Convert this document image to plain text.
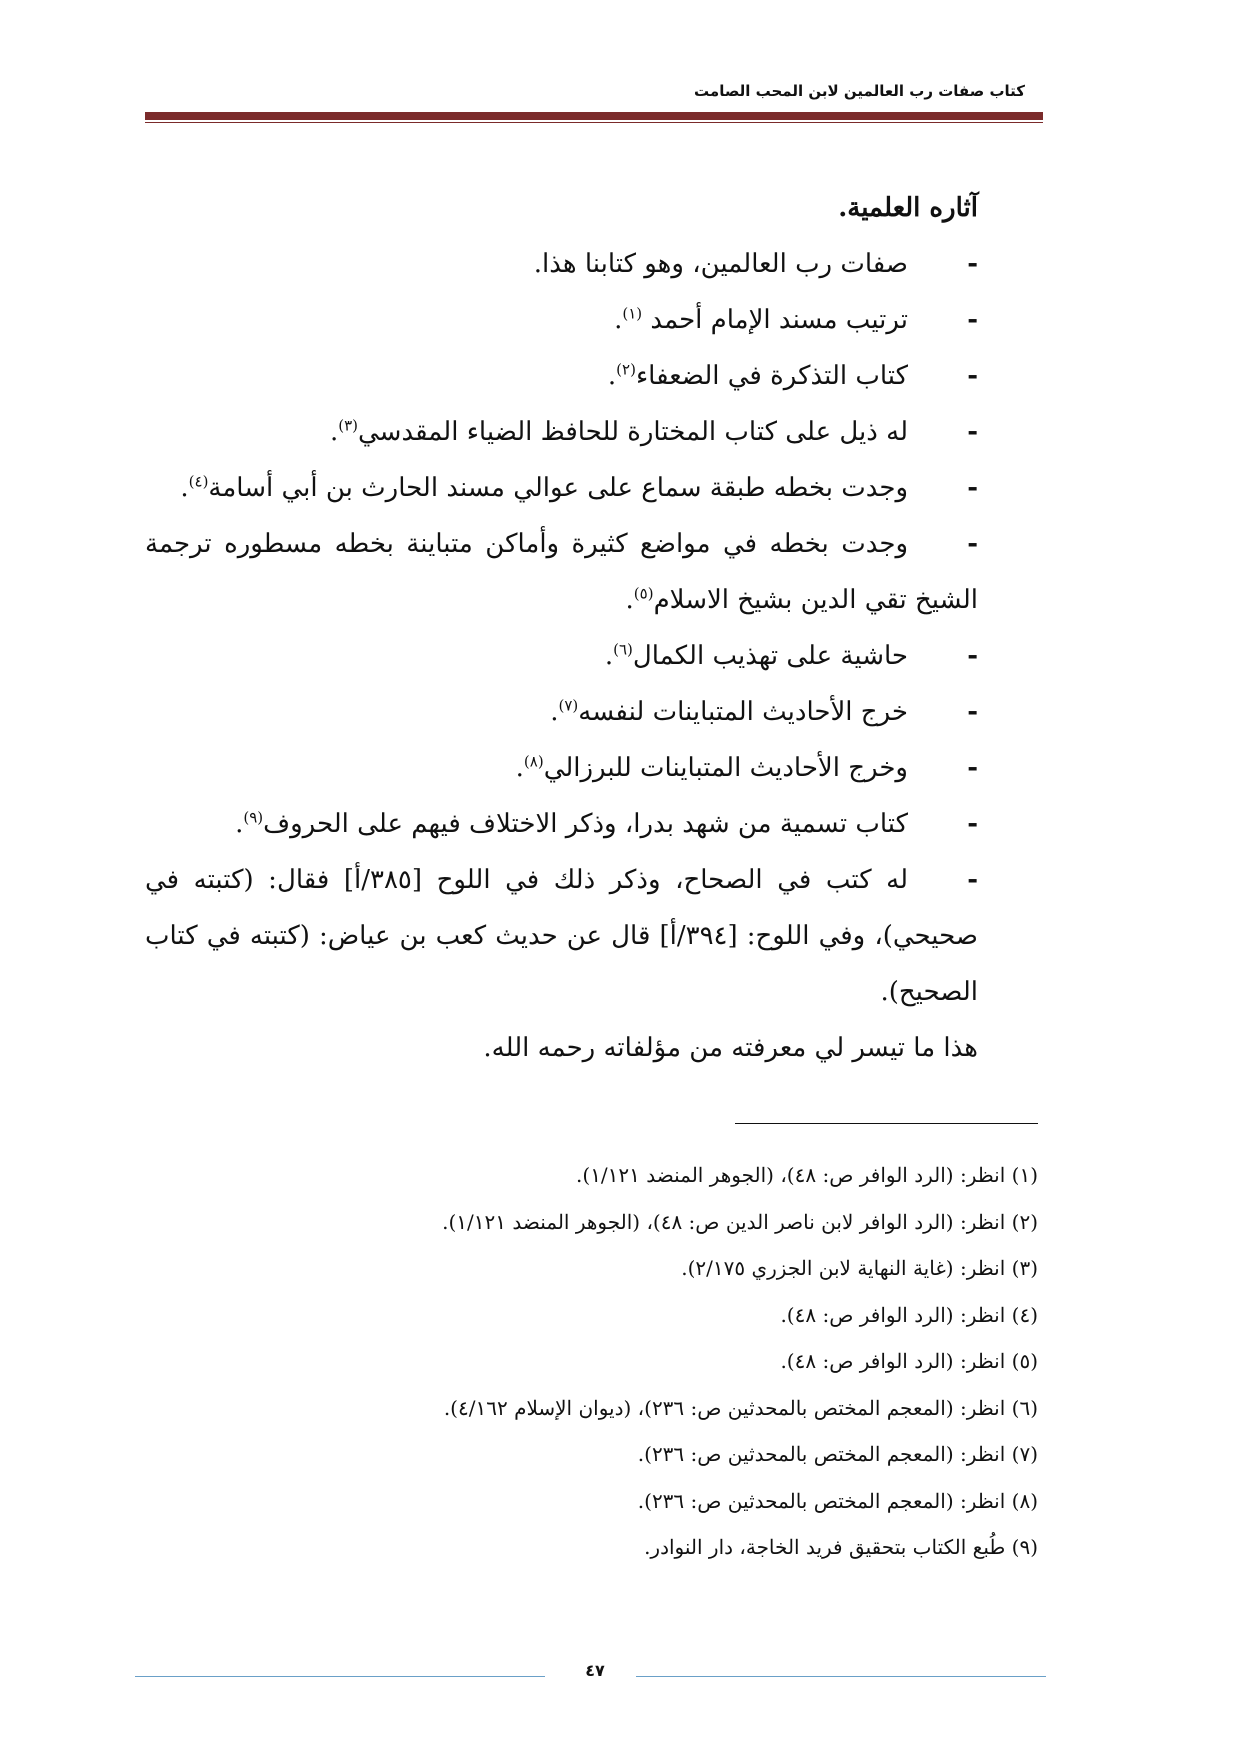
كتاب صفات رب العالمين لابن المحب الصامت

آثاره العلمية.

-صفات رب العالمين، وهو كتابنا هذا.

-ترتيب مسند الإمام أحمد $^{(١)}$.

-كتاب التذكرة في الضعفاء$^{(٢)}$.

-له ذيل على كتاب المختارة للحافظ الضياء المقدسي$^{(٣)}$.

-وجدت بخطه طبقة سماع على عوالي مسند الحارث بن أبي أسامة$^{(٤)}$.

-وجدت بخطه في مواضع كثيرة وأماكن متباينة بخطه مسطوره ترجمة الشيخ تقي الدين بشيخ الاسلام$^{(٥)}$.

-حاشية على تهذيب الكمال$^{(٦)}$.

-خرج الأحاديث المتباينات لنفسه$^{(٧)}$.

-وخرج الأحاديث المتباينات للبرزالي$^{(٨)}$.

-كتاب تسمية من شهد بدرا، وذكر الاختلاف فيهم على الحروف$^{(٩)}$.

-له كتب في الصحاح، وذكر ذلك في اللوح [٣٨٥/أ] فقال: (كتبته في صحيحي)، وفي اللوح: [٣٩٤/أ] قال عن حديث كعب بن عياض: (كتبته في كتاب الصحيح).

هذا ما تيسر لي معرفته من مؤلفاته رحمه الله.

(١) انظر: (الرد الوافر ص: ٤٨)، (الجوهر المنضد ١/١٢١).
(٢) انظر: (الرد الوافر لابن ناصر الدين ص: ٤٨)، (الجوهر المنضد ١/١٢١).
(٣) انظر: (غاية النهاية لابن الجزري ٢/١٧٥).
(٤) انظر: (الرد الوافر ص: ٤٨).
(٥) انظر: (الرد الوافر ص: ٤٨).
(٦) انظر: (المعجم المختص بالمحدثين ص: ٢٣٦)، (ديوان الإسلام ٤/١٦٢).
(٧) انظر: (المعجم المختص بالمحدثين ص: ٢٣٦).
(٨) انظر: (المعجم المختص بالمحدثين ص: ٢٣٦).
(٩) طُبع الكتاب بتحقيق فريد الخاجة، دار النوادر.
٤٧
